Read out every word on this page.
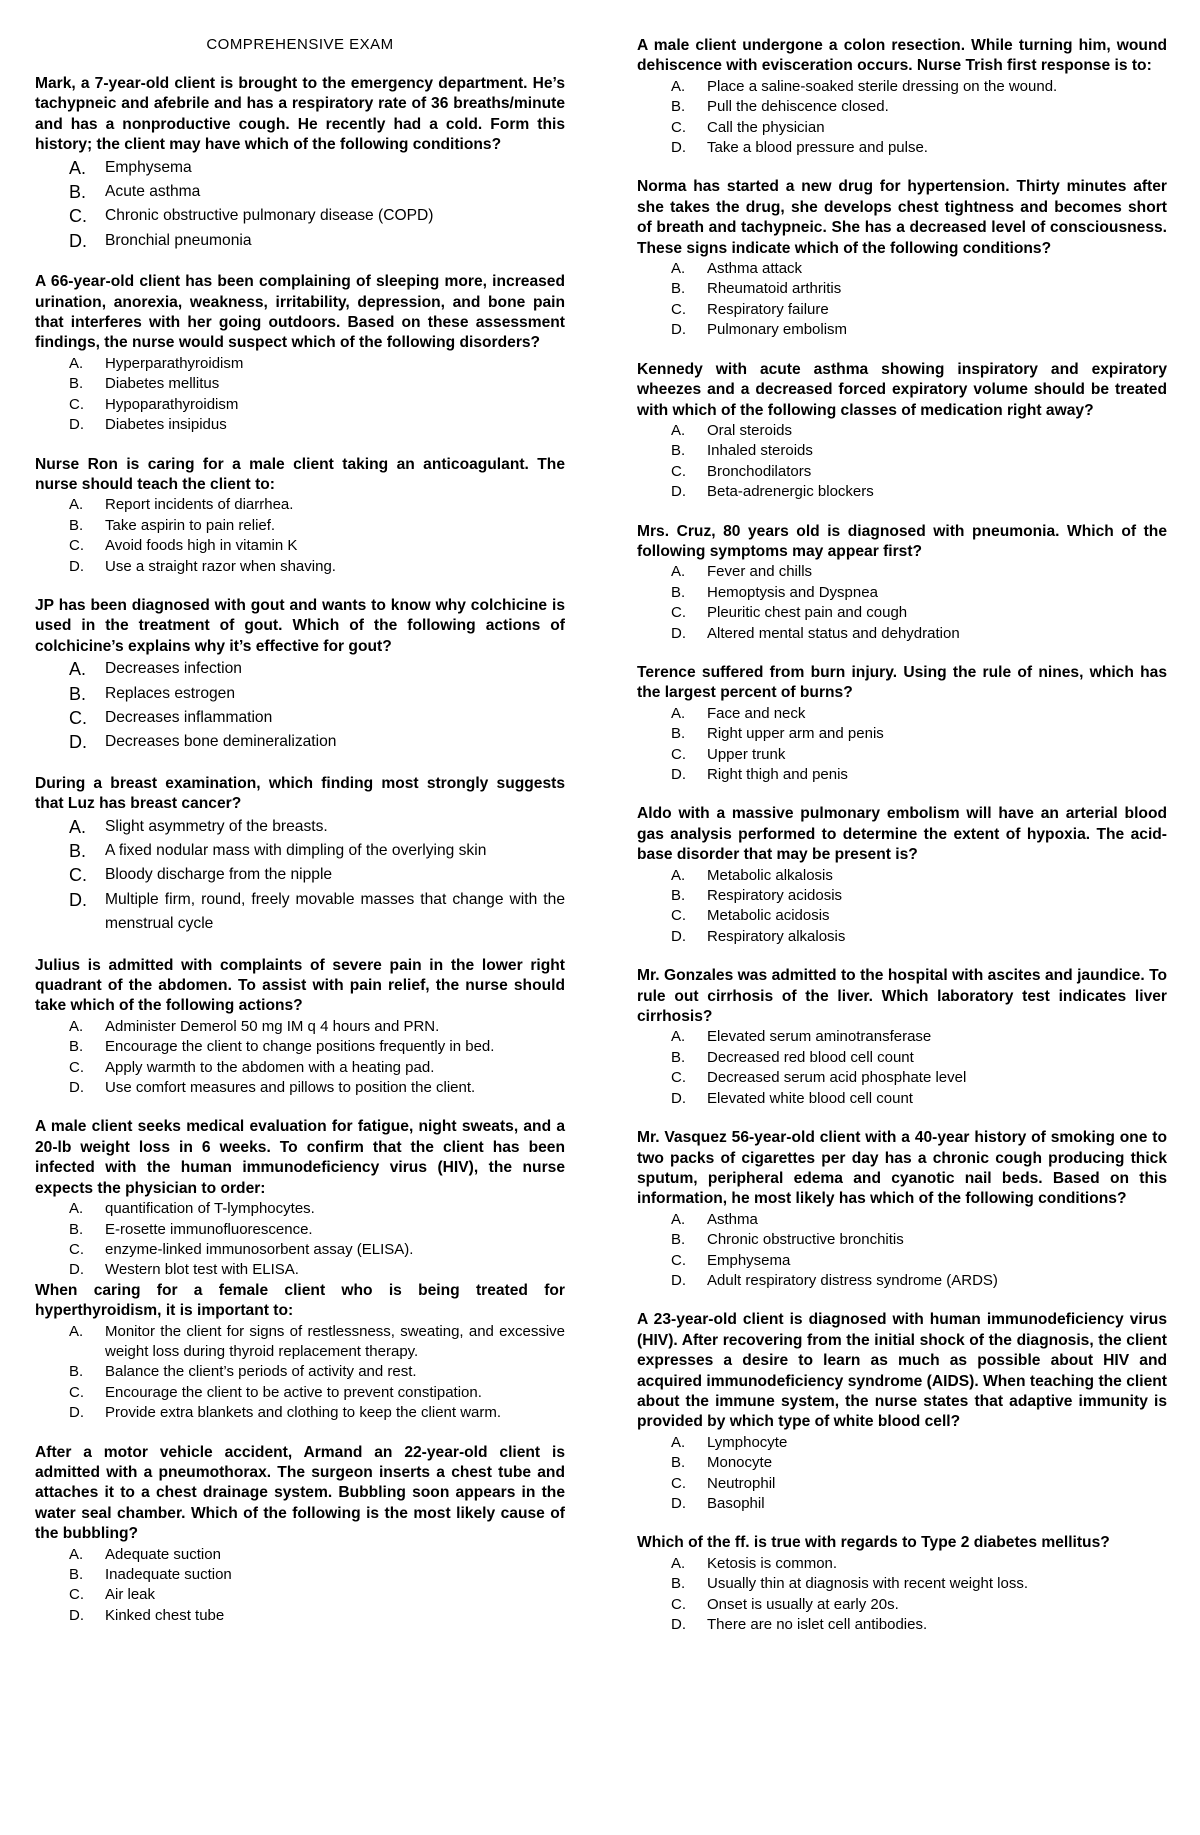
COMPREHENSIVE EXAM

Mark, a 7-year-old client is brought to the emergency department. He’s tachypneic and afebrile and has a respiratory rate of 36 breaths/minute and has a nonproductive cough. He recently had a cold. Form this history; the client may have which of the following conditions?

A.	Emphysema
B.	Acute asthma
C.	Chronic obstructive pulmonary disease (COPD)
D.	Bronchial pneumonia

A 66-year-old client has been complaining of sleeping more, increased urination, anorexia, weakness, irritability, depression, and bone pain that interferes with her going outdoors. Based on these assessment findings, the nurse would suspect which of the following disorders?

A.	Hyperparathyroidism
B.	Diabetes mellitus
C.	Hypoparathyroidism
D.	Diabetes insipidus

Nurse Ron is caring for a male client taking an anticoagulant. The nurse should teach the client to:

A.	Report incidents of diarrhea.
B.	Take aspirin to pain relief.
C.	Avoid foods high in vitamin K
D.	Use a straight razor when shaving.

JP has been diagnosed with gout and wants to know why colchicine is used in the treatment of gout. Which of the following actions of colchicine’s explains why it’s effective for gout?

A.	Decreases infection
B.	Replaces estrogen
C.	Decreases inflammation
D.	Decreases bone demineralization

During a breast examination, which finding most strongly suggests that Luz has breast cancer?

A.	Slight asymmetry of the breasts.
B.	A fixed nodular mass with dimpling of the overlying skin
C.	Bloody discharge from the nipple
D.	Multiple firm, round, freely movable masses that change with the menstrual cycle

Julius is admitted with complaints of severe pain in the lower right quadrant of the abdomen. To assist with pain relief, the nurse should take which of the following actions?

A.	Administer Demerol 50 mg IM q 4 hours and PRN.
B.	Encourage the client to change positions frequently in bed.
C.	Apply warmth to the abdomen with a heating pad.
D.	Use comfort measures and pillows to position the client.

A male client seeks medical evaluation for fatigue, night sweats, and a 20-lb weight loss in 6 weeks. To confirm that the client has been infected with the human immunodeficiency virus (HIV), the nurse expects the physician to order:

A.	quantification of T-lymphocytes.
B.	E-rosette immunofluorescence.
C.	enzyme-linked immunosorbent assay (ELISA).
D.	Western blot test with ELISA.

When caring for a female client who is being treated for hyperthyroidism, it is important to:

A.	Monitor the client for signs of restlessness, sweating, and excessive weight loss during thyroid replacement therapy.
B.	Balance the client’s periods of activity and rest.
C.	Encourage the client to be active to prevent constipation.
D.	Provide extra blankets and clothing to keep the client warm.

After a motor vehicle accident, Armand an 22-year-old client is admitted with a pneumothorax. The surgeon inserts a chest tube and attaches it to a chest drainage system. Bubbling soon appears in the water seal chamber. Which of the following is the most likely cause of the bubbling?

A.	Adequate suction
B.	Inadequate suction
C.	Air leak
D.	Kinked chest tube

A male client undergone a colon resection. While turning him, wound dehiscence with evisceration occurs. Nurse Trish first response is to:

A.	Place a saline-soaked sterile dressing on the wound.
B.	Pull the dehiscence closed.
C.	Call the physician
D.	Take a blood pressure and pulse.

Norma has started a new drug for hypertension. Thirty minutes after she takes the drug, she develops chest tightness and becomes short of breath and tachypneic. She has a decreased level of consciousness. These signs indicate which of the following conditions?

A.	Asthma attack
B.	Rheumatoid arthritis
C.	Respiratory failure
D.	Pulmonary embolism

Kennedy with acute asthma showing inspiratory and expiratory wheezes and a decreased forced expiratory volume should be treated with which of the following classes of medication right away?

A.	Oral steroids
B.	Inhaled steroids
C.	Bronchodilators
D.	Beta-adrenergic blockers

Mrs. Cruz, 80 years old is diagnosed with pneumonia. Which of the following symptoms may appear first?

A.	Fever and chills
B.	Hemoptysis and Dyspnea
C.	Pleuritic chest pain and cough
D.	Altered mental status and dehydration

Terence suffered from burn injury. Using the rule of nines, which has the largest percent of burns?

A.	Face and neck
B.	Right upper arm and penis
C.	Upper trunk
D.	Right thigh and penis

Aldo with a massive pulmonary embolism will have an arterial blood gas analysis performed to determine the extent of hypoxia. The acid-base disorder that may be present is?

A.	Metabolic alkalosis
B.	Respiratory acidosis
C.	Metabolic acidosis
D.	Respiratory alkalosis

Mr. Gonzales was admitted to the hospital with ascites and jaundice. To rule out cirrhosis of the liver. Which laboratory test indicates liver cirrhosis?

A.	Elevated serum aminotransferase
B.	Decreased red blood cell count
C.	Decreased serum acid phosphate level
D.	Elevated white blood cell count

Mr. Vasquez 56-year-old client with a 40-year history of smoking one to two packs of cigarettes per day has a chronic cough producing thick sputum, peripheral edema and cyanotic nail beds. Based on this information, he most likely has which of the following conditions?

A.	Asthma
B.	Chronic obstructive bronchitis
C.	Emphysema
D.	Adult respiratory distress syndrome (ARDS)

A 23-year-old client is diagnosed with human immunodeficiency virus (HIV). After recovering from the initial shock of the diagnosis, the client expresses a desire to learn as much as possible about HIV and acquired immunodeficiency syndrome (AIDS). When teaching the client about the immune system, the nurse states that adaptive immunity is provided by which type of white blood cell?

A.	Lymphocyte
B.	Monocyte
C.	Neutrophil
D.	Basophil

Which of the ff. is true with regards to Type 2 diabetes mellitus?

A.	Ketosis is common.
B.	Usually thin at diagnosis with recent weight loss.
C.	Onset is usually at early 20s.
D.	There are no islet cell antibodies.
